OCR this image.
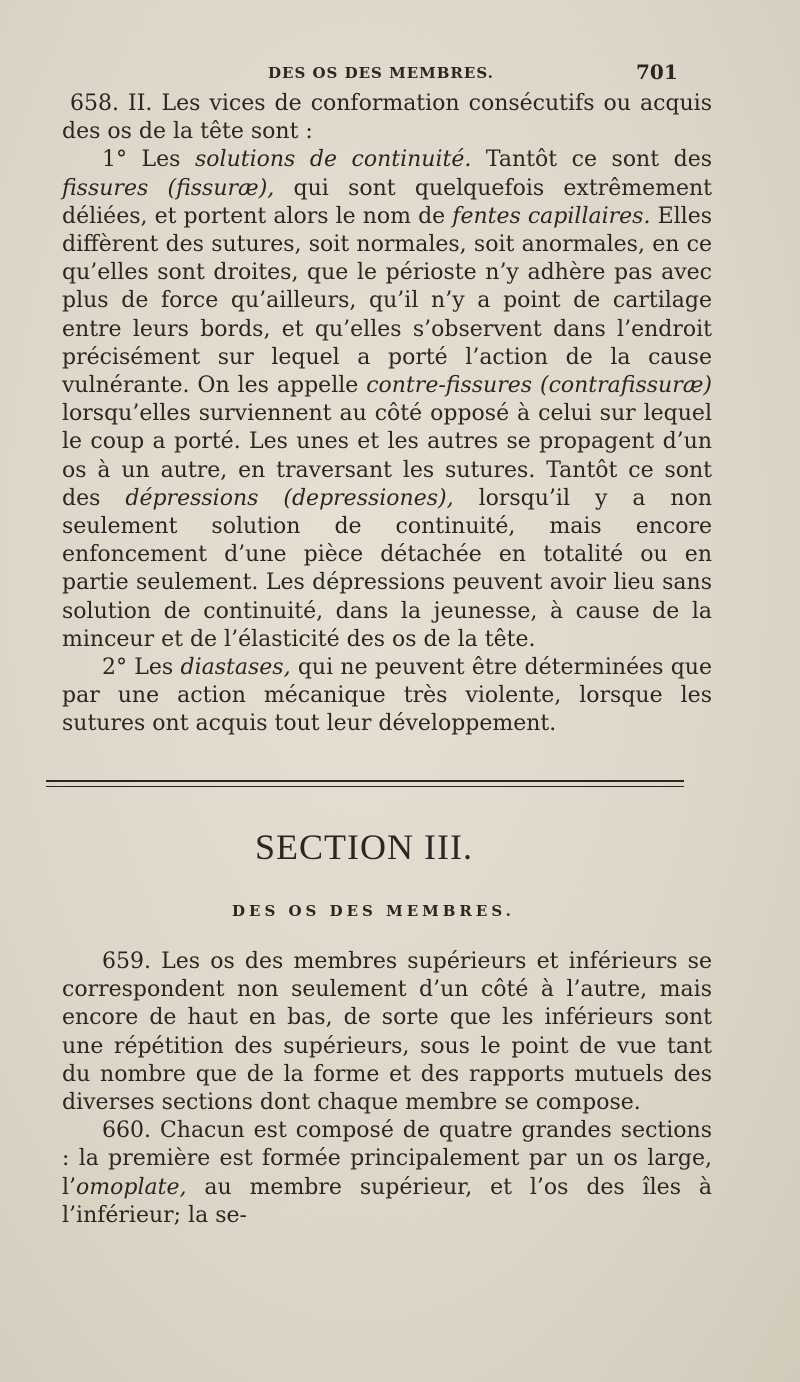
DES OS DES MEMBRES.	701

658. II. Les vices de conformation consécutifs ou acquis des os de la tête sont :

1° Les solutions de continuité. Tantôt ce sont des fissures (fissuræ), qui sont quelquefois extrêmement déliées, et portent alors le nom de fentes capillaires. Elles diffèrent des sutures, soit normales, soit anormales, en ce qu’elles sont droites, que le périoste n’y adhère pas avec plus de force qu’ailleurs, qu’il n’y a point de cartilage entre leurs bords, et qu’elles s’observent dans l’endroit précisément sur lequel a porté l’action de la cause vulnérante. On les appelle contre-fissures (contrafissuræ) lorsqu’elles surviennent au côté opposé à celui sur lequel le coup a porté. Les unes et les autres se propagent d’un os à un autre, en traversant les sutures. Tantôt ce sont des dépressions (depressiones), lorsqu’il y a non seulement solution de continuité, mais encore enfoncement d’une pièce détachée en totalité ou en partie seulement. Les dépressions peuvent avoir lieu sans solution de continuité, dans la jeunesse, à cause de la minceur et de l’élasticité des os de la tête.

2° Les diastases, qui ne peuvent être déterminées que par une action mécanique très violente, lorsque les sutures ont acquis tout leur développement.

SECTION III.
DES OS DES MEMBRES.

659. Les os des membres supérieurs et inférieurs se correspondent non seulement d’un côté à l’autre, mais encore de haut en bas, de sorte que les inférieurs sont une répétition des supérieurs, sous le point de vue tant du nombre que de la forme et des rapports mutuels des diverses sections dont chaque membre se compose.

660. Chacun est composé de quatre grandes sections : la première est formée principalement par un os large, l’omoplate, au membre supérieur, et l’os des îles à l’inférieur; la se-
